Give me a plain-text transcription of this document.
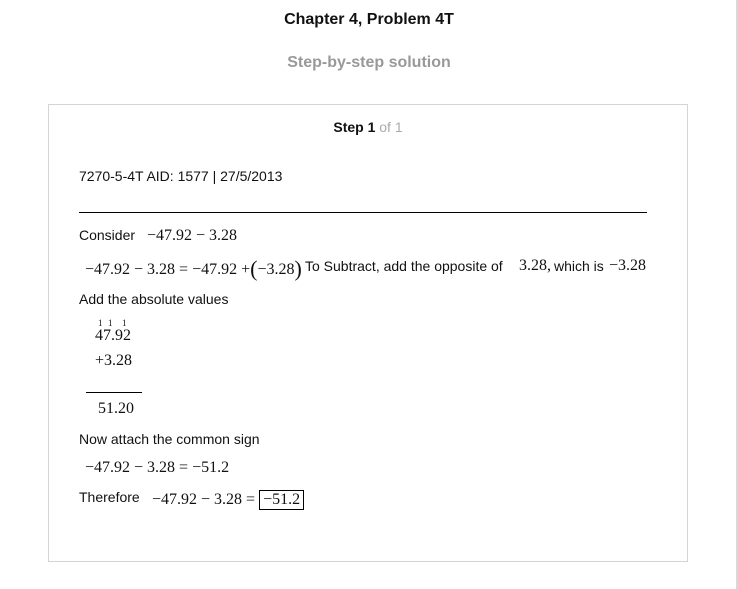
Chapter 4, Problem 4T
Step-by-step solution
Step 1 of 1
7270-5-4T AID: 1577 | 27/5/2013
Consider −47.92 − 3.28
−47.92 − 3.28 = −47.92 +(−3.28) To Subtract, add the opposite of 3.28, which is −3.28
Add the absolute values
1 1 1
47.92
+3.28
51.20
Now attach the common sign
−47.92 − 3.28 = −51.2
Therefore −47.92 − 3.28 = −51.2
